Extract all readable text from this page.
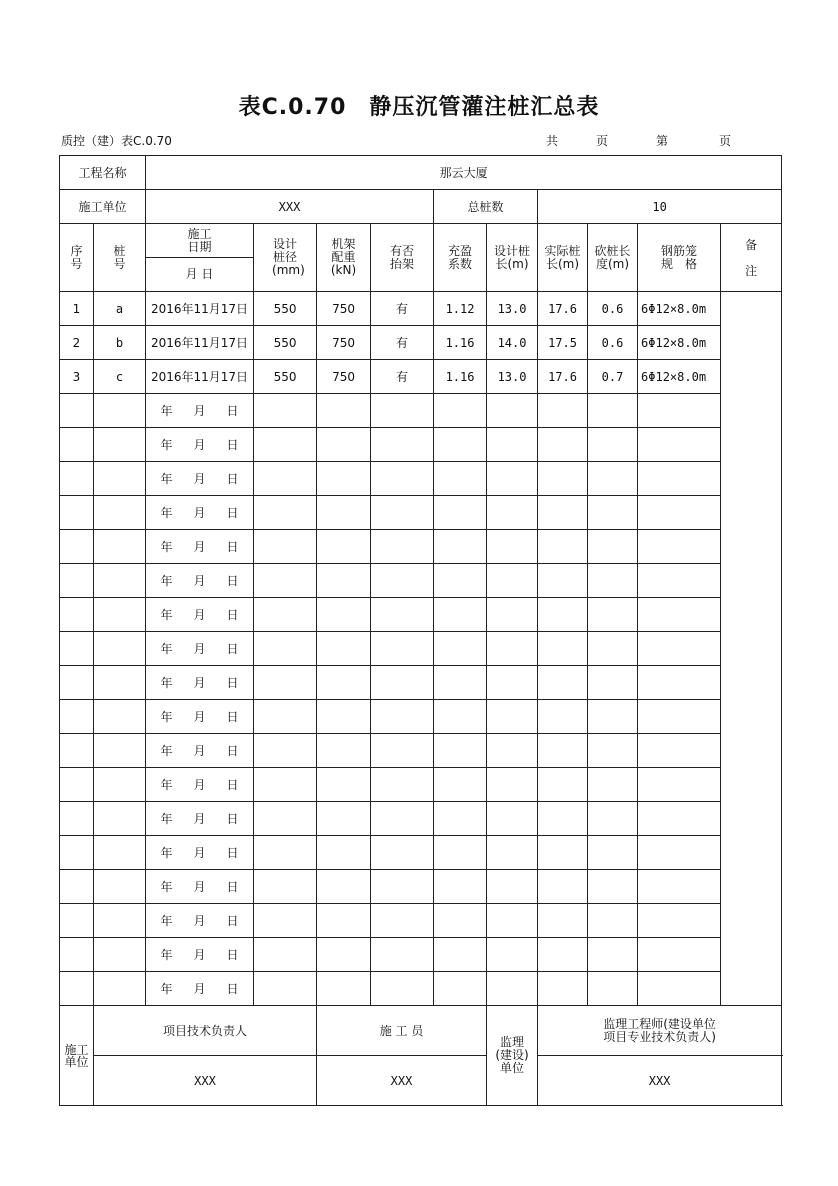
表C.0.70　静压沉管灌注桩汇总表
质控（建）表C.0.70	共	页	第	页
工程名称		那云大厦									
施工单位		XXX				总桩数		10			
序号	桩号	施工日期	设计桩径(mm)	机架配重(kN)	有否抬架	充盈系数	设计桩长(m)	实际桩长(m)	砍桩长度(m)	钢筋笼规　格	备注
		月 日									
1	a	2016年11月17日	550	750	有	1.12	13.0	17.6	0.6	6Φ12×8.0m	
2	b	2016年11月17日	550	750	有	1.16	14.0	17.5	0.6	6Φ12×8.0m	
3	c	2016年11月17日	550	750	有	1.16	13.0	17.6	0.7	6Φ12×8.0m	
		年 月 日									
		年 月 日									
		年 月 日									
		年 月 日									
		年 月 日									
		年 月 日									
		年 月 日									
		年 月 日									
		年 月 日									
		年 月 日									
		年 月 日									
		年 月 日									
		年 月 日									
		年 月 日									
		年 月 日									
		年 月 日									
		年 月 日									
		年 月 日									
施工单位	项目技术负责人			施 工 员			监理(建设)单位	监理工程师(建设单位项目专业技术负责人)			
	XXX			XXX				XXX			
